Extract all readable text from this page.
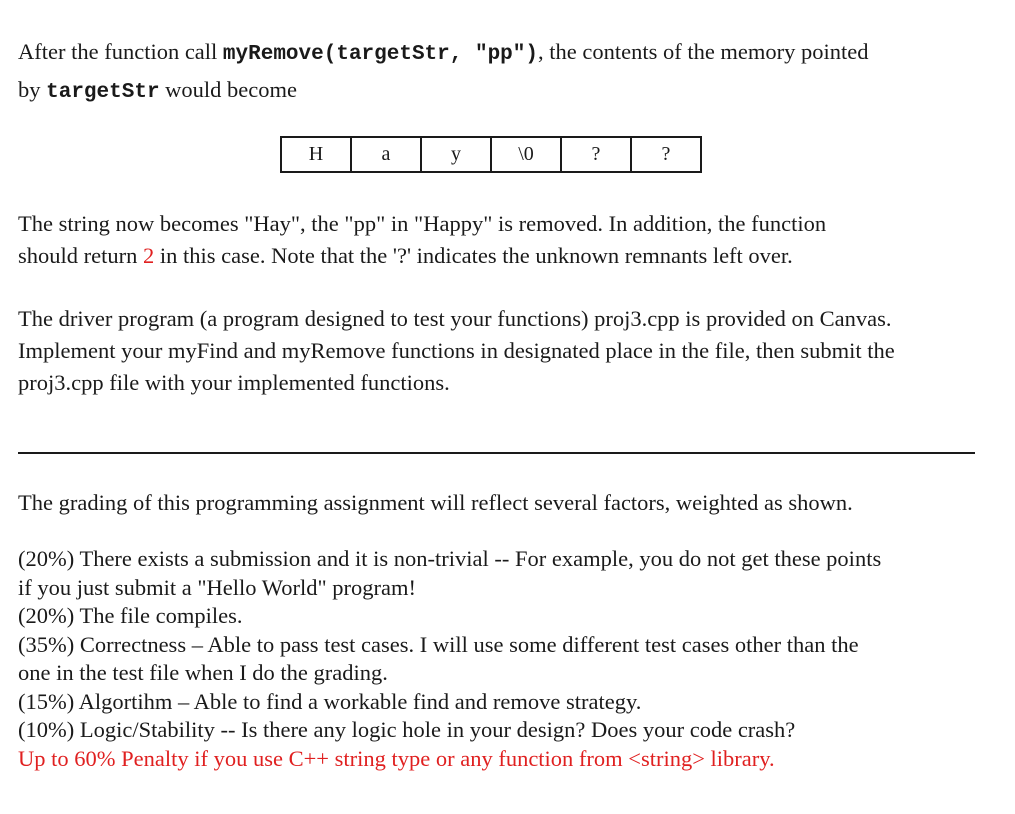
After the function call myRemove(targetStr, "pp"), the contents of the memory pointed
by targetStr would become
H	a	y	\0	?	?
The string now becomes "Hay", the "pp" in "Happy" is removed. In addition, the function
should return 2 in this case. Note that the '?' indicates the unknown remnants left over.
The driver program (a program designed to test your functions) proj3.cpp is provided on Canvas.
Implement your myFind and myRemove functions in designated place in the file, then submit the
proj3.cpp file with your implemented functions.
The grading of this programming assignment will reflect several factors, weighted as shown.
(20%) There exists a submission and it is non-trivial -- For example, you do not get these points
if you just submit a "Hello World" program!
(20%) The file compiles.
(35%) Correctness – Able to pass test cases. I will use some different test cases other than the
one in the test file when I do the grading.
(15%) Algortihm – Able to find a workable find and remove strategy.
(10%) Logic/Stability -- Is there any logic hole in your design? Does your code crash?
Up to 60% Penalty if you use C++ string type or any function from <string> library.
